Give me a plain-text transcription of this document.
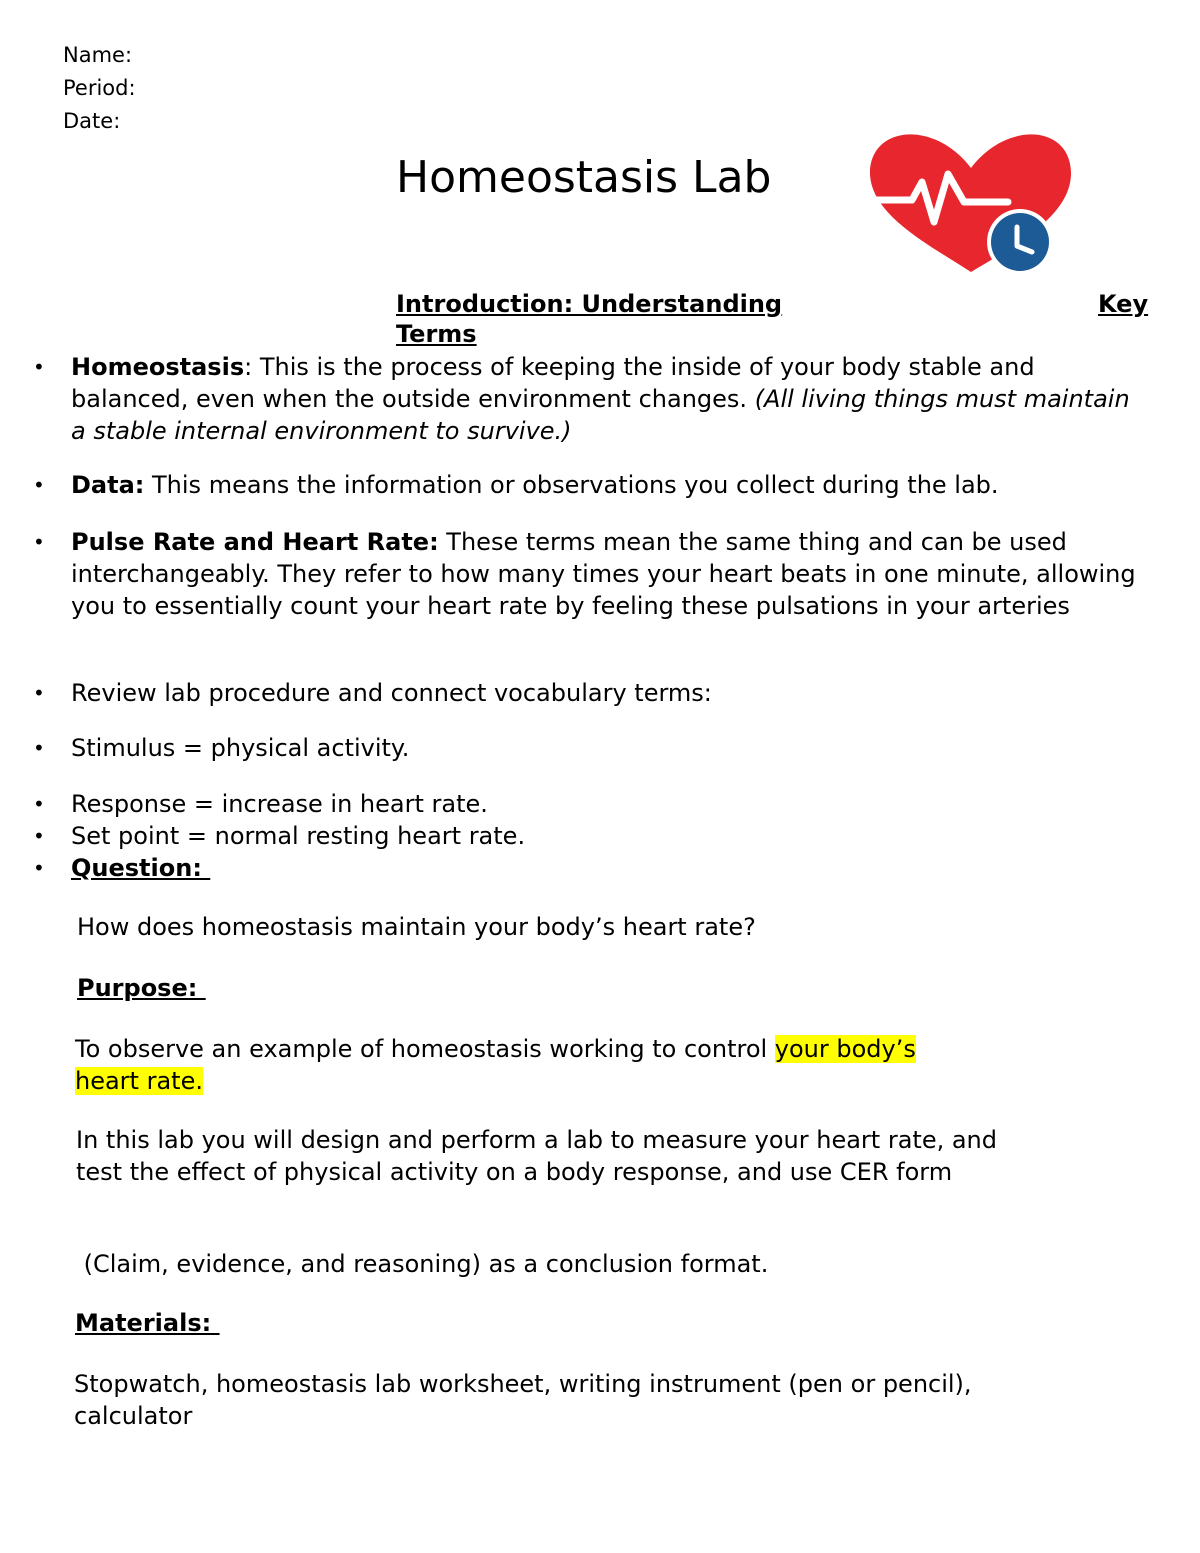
Name:
Period:
Date:
Homeostasis Lab
Introduction: Understanding	Key
Terms
• Homeostasis: This is the process of keeping the inside of your body stable and balanced, even when the outside environment changes. (All living things must maintain a stable internal environment to survive.)
• Data: This means the information or observations you collect during the lab.
• Pulse Rate and Heart Rate: These terms mean the same thing and can be used interchangeably. They refer to how many times your heart beats in one minute, allowing you to essentially count your heart rate by feeling these pulsations in your arteries
• Review lab procedure and connect vocabulary terms:
• Stimulus = physical activity.
• Response = increase in heart rate.
• Set point = normal resting heart rate.
• Question:
How does homeostasis maintain your body’s heart rate?
Purpose:
To observe an example of homeostasis working to control your body’s
heart rate.
In this lab you will design and perform a lab to measure your heart rate, and test the effect of physical activity on a body response, and use CER form
(Claim, evidence, and reasoning) as a conclusion format.
Materials:
Stopwatch, homeostasis lab worksheet, writing instrument (pen or pencil), calculator
